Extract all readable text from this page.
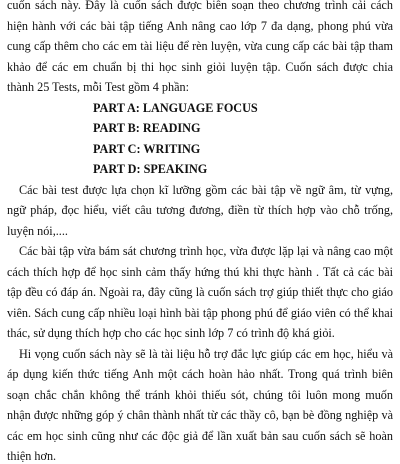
cuốn sách này. Đây là cuốn sách được biên soạn theo chương trình cải cách
hiện hành với các bài tập tiếng Anh nâng cao lớp 7 đa dạng, phong phú vừa
cung cấp thêm cho các em tài liệu để rèn luyện, vừa cung cấp các bài tập tham
khảo để các em chuẩn bị thi học sinh giỏi luyện tập. Cuốn sách được chia
thành 25 Tests, mỗi Test gồm 4 phần:
PART A: LANGUAGE FOCUS
PART B: READING
PART C: WRITING
PART D: SPEAKING
Các bài test được lựa chọn kĩ lưỡng gồm các bài tập về ngữ âm, từ vựng,
ngữ pháp, đọc hiểu, viết câu tương đương, điền từ thích hợp vào chỗ trống,
luyện nói,....
Các bài tập vừa bám sát chương trình học, vừa được lặp lại và nâng cao một
cách thích hợp để học sinh cảm thấy hứng thú khi thực hành . Tất cả các bài
tập đều có đáp án. Ngoài ra, đây cũng là cuốn sách trợ giúp thiết thực cho giáo
viên. Sách cung cấp nhiều loại hình bài tập phong phú để giáo viên có thể khai
thác, sử dụng thích hợp cho các học sinh lớp 7 có trình độ khá giỏi.
Hi vọng cuốn sách này sẽ là tài liệu hỗ trợ đắc lực giúp các em học, hiểu và
áp dụng kiến thức tiếng Anh một cách hoàn hảo nhất. Trong quá trình biên
soạn chắc chắn không thể tránh khỏi thiếu sót, chúng tôi luôn mong muốn
nhận được những góp ý chân thành nhất từ các thầy cô, bạn bè đồng nghiệp và
các em học sinh cũng như các độc giả để lần xuất bản sau cuốn sách sẽ hoàn
thiện hơn.
